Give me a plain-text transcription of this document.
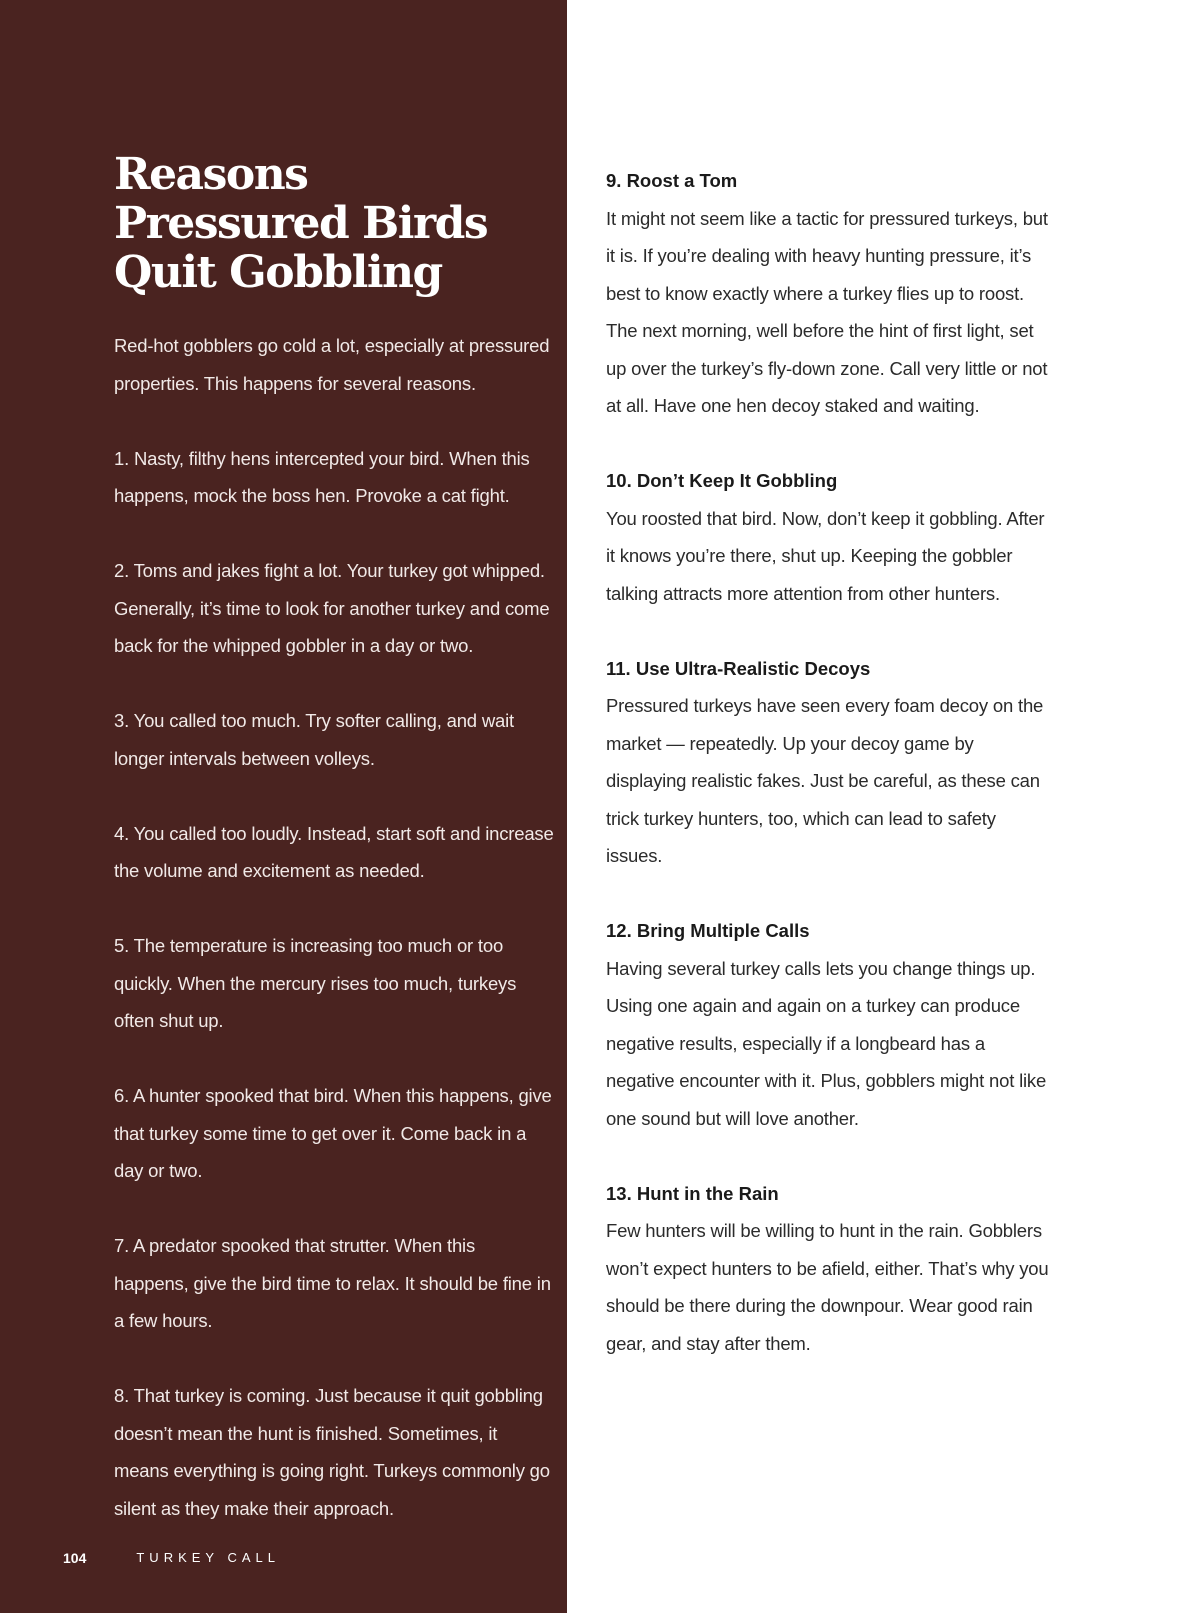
Reasons Pressured Birds Quit Gobbling

Red-hot gobblers go cold a lot, especially at pressured properties. This happens for several reasons.

1. Nasty, filthy hens intercepted your bird. When this happens, mock the boss hen. Provoke a cat fight.

2. Toms and jakes fight a lot. Your turkey got whipped. Generally, it’s time to look for another turkey and come back for the whipped gobbler in a day or two.

3. You called too much. Try softer calling, and wait longer intervals between volleys.

4. You called too loudly. Instead, start soft and increase the volume and excitement as needed.

5. The temperature is increasing too much or too quickly. When the mercury rises too much, turkeys often shut up.

6. A hunter spooked that bird. When this happens, give that turkey some time to get over it. Come back in a day or two.

7. A predator spooked that strutter. When this happens, give the bird time to relax. It should be fine in a few hours.

8. That turkey is coming. Just because it quit gobbling doesn’t mean the hunt is finished. Sometimes, it means everything is going right. Turkeys commonly go silent as they make their approach.

104	TURKEY CALL

9. Roost a Tom

It might not seem like a tactic for pressured turkeys, but it is. If you’re dealing with heavy hunting pressure, it’s best to know exactly where a turkey flies up to roost. The next morning, well before the hint of first light, set up over the turkey’s fly-down zone. Call very little or not at all. Have one hen decoy staked and waiting.

10. Don’t Keep It Gobbling

You roosted that bird. Now, don’t keep it gobbling. After it knows you’re there, shut up. Keeping the gobbler talking attracts more attention from other hunters.

11. Use Ultra-Realistic Decoys

Pressured turkeys have seen every foam decoy on the market — repeatedly. Up your decoy game by displaying realistic fakes. Just be careful, as these can trick turkey hunters, too, which can lead to safety issues.

12. Bring Multiple Calls

Having several turkey calls lets you change things up. Using one again and again on a turkey can produce negative results, especially if a longbeard has a negative encounter with it. Plus, gobblers might not like one sound but will love another.

13. Hunt in the Rain

Few hunters will be willing to hunt in the rain. Gobblers won’t expect hunters to be afield, either. That’s why you should be there during the downpour. Wear good rain gear, and stay after them.
